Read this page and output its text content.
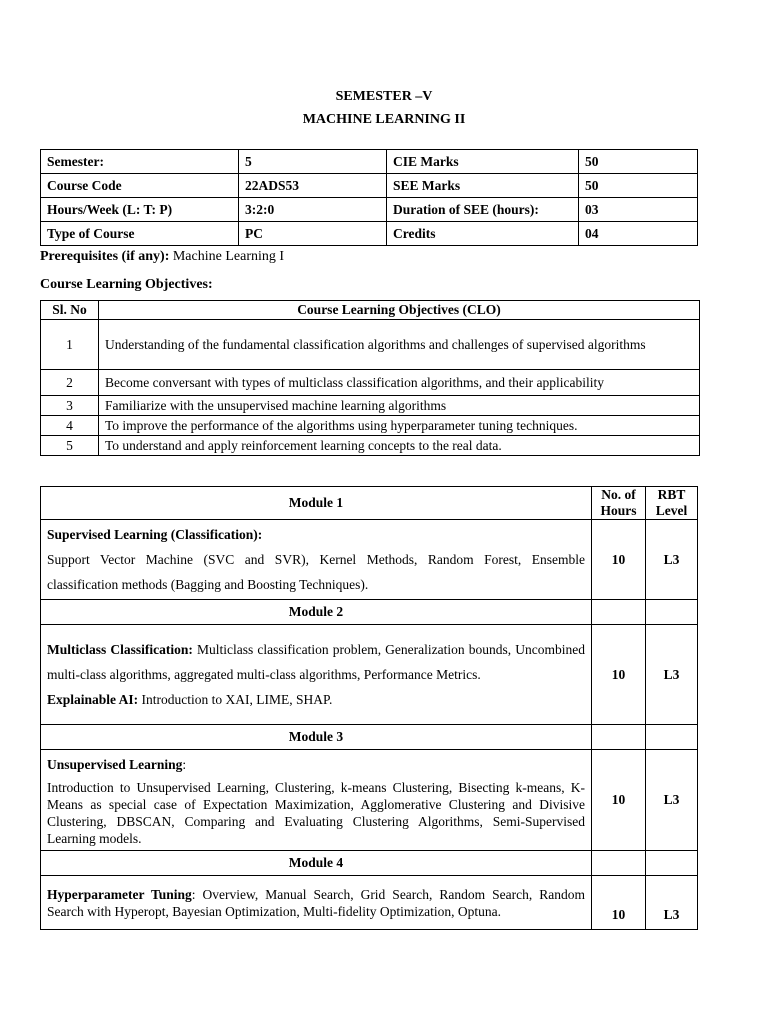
SEMESTER –V
MACHINE LEARNING II
Semester:	5	CIE Marks	50
Course Code	22ADS53	SEE Marks	50
Hours/Week (L: T: P)	3:2:0	Duration of SEE (hours):	03
Type of Course	PC	Credits	04
Prerequisites (if any): Machine Learning I
Course Learning Objectives:
Sl. No	Course Learning Objectives (CLO)
1	Understanding of the fundamental classification algorithms and challenges of supervised algorithms
2	Become conversant with types of multiclass classification algorithms, and their applicability
3	Familiarize with the unsupervised machine learning algorithms
4	To improve the performance of the algorithms using hyperparameter tuning techniques.
5	To understand and apply reinforcement learning concepts to the real data.
Module 1	No. of Hours	RBT Level

Supervised Learning (Classification):

Support Vector Machine (SVC and SVR), Kernel Methods, Random Forest, Ensemble classification methods (Bagging and Boosting Techniques).	10	L3
Module 2		

Multiclass Classification: Multiclass classification problem, Generalization bounds, Uncombined multi-class algorithms, aggregated multi-class algorithms, Performance Metrics.

Explainable AI: Introduction to XAI, LIME, SHAP.	10	L3
Module 3		

Unsupervised Learning:

Introduction to Unsupervised Learning, Clustering, k-means Clustering, Bisecting k-means, K-Means as special case of Expectation Maximization, Agglomerative Clustering and Divisive Clustering, DBSCAN, Comparing and Evaluating Clustering Algorithms, Semi-Supervised Learning models.	10	L3
Module 4		

Hyperparameter Tuning: Overview, Manual Search, Grid Search, Random Search, Random Search with Hyperopt, Bayesian Optimization, Multi-fidelity Optimization, Optuna.	10	L3
